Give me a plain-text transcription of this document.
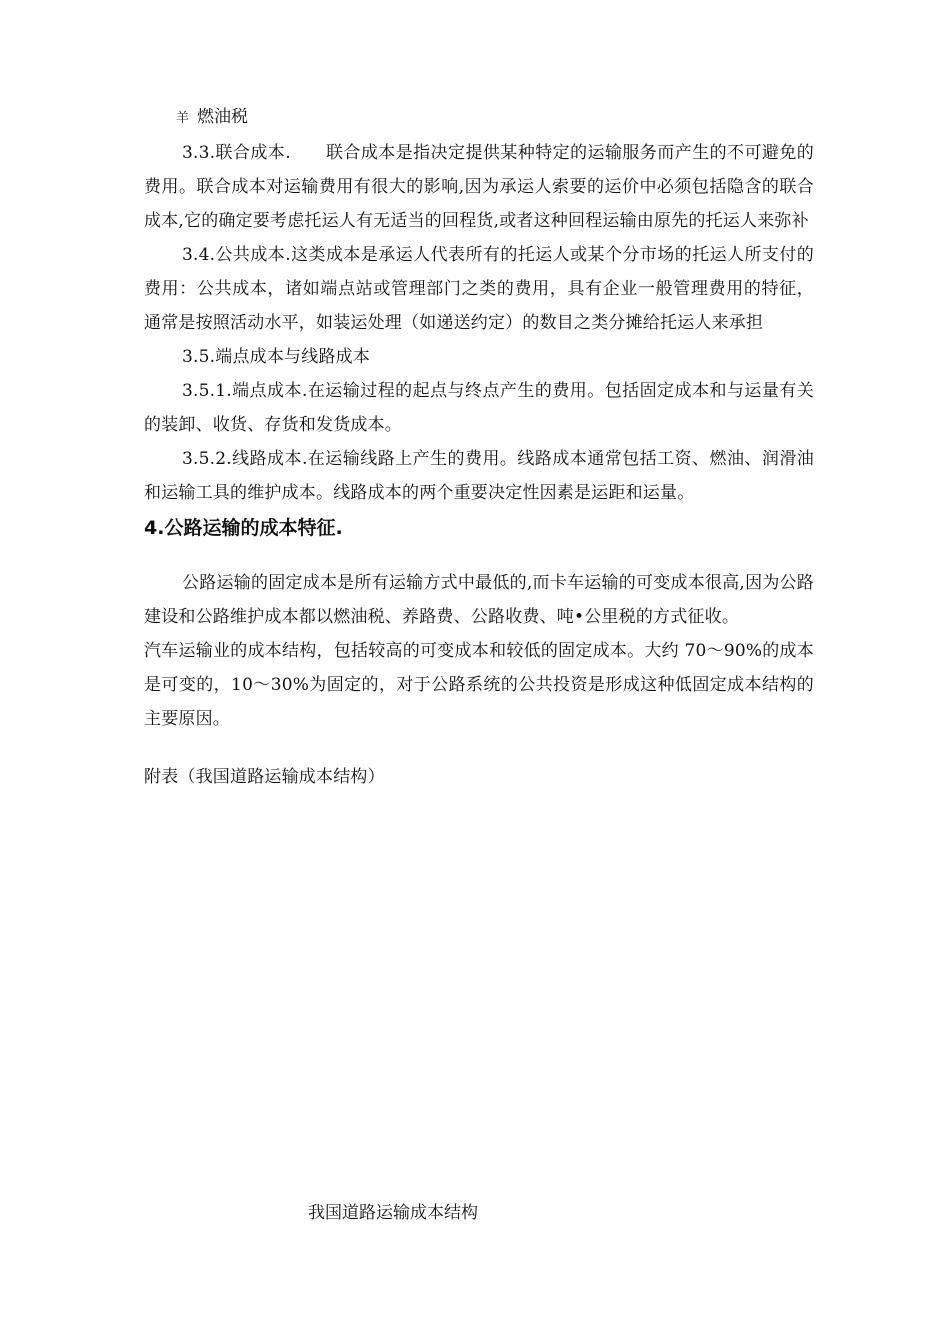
羊 燃油税

3.3.联合成本.　　联合成本是指决定提供某种特定的运输服务而产生的不可避免的费用。联合成本对运输费用有很大的影响,因为承运人索要的运价中必须包括隐含的联合成本,它的确定要考虑托运人有无适当的回程货,或者这种回程运输由原先的托运人来弥补

3.4.公共成本.这类成本是承运人代表所有的托运人或某个分市场的托运人所支付的费用：公共成本，诸如端点站或管理部门之类的费用，具有企业一般管理费用的特征，通常是按照活动水平，如装运处理（如递送约定）的数目之类分摊给托运人来承担

3.5.端点成本与线路成本

3.5.1.端点成本.在运输过程的起点与终点产生的费用。包括固定成本和与运量有关的装卸、收货、存货和发货成本。

3.5.2.线路成本.在运输线路上产生的费用。线路成本通常包括工资、燃油、润滑油和运输工具的维护成本。线路成本的两个重要决定性因素是运距和运量。

4.公路运输的成本特征.

公路运输的固定成本是所有运输方式中最低的,而卡车运输的可变成本很高,因为公路建设和公路维护成本都以燃油税、养路费、公路收费、吨•公里税的方式征收。

汽车运输业的成本结构，包括较高的可变成本和较低的固定成本。大约 70～90%的成本是可变的，10～30%为固定的，对于公路系统的公共投资是形成这种低固定成本结构的主要原因。

附表（我国道路运输成本结构）

我国道路运输成本结构
